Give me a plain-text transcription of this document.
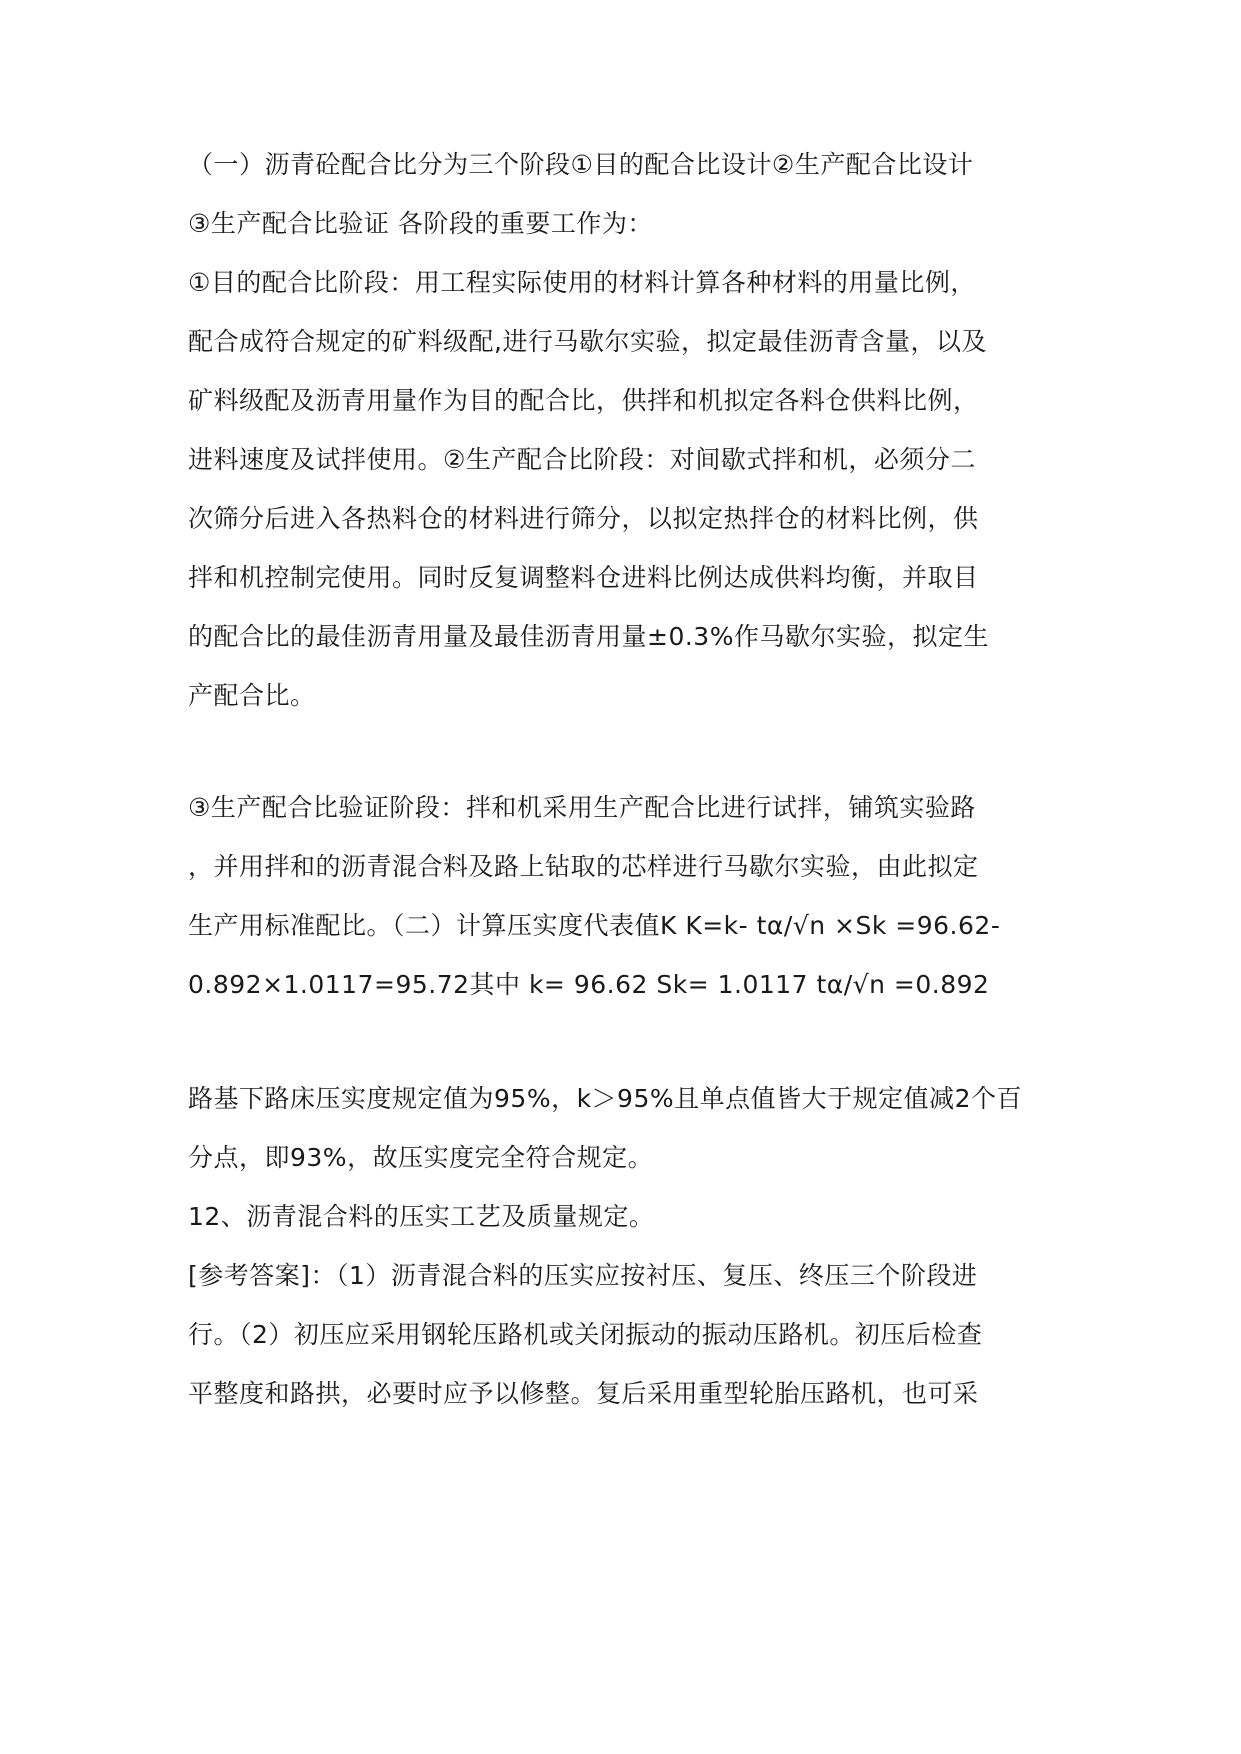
（一）沥青砼配合比分为三个阶段①目的配合比设计②生产配合比设计
③生产配合比验证 各阶段的重要工作为：
①目的配合比阶段：用工程实际使用的材料计算各种材料的用量比例，
配合成符合规定的矿料级配,进行马歇尔实验，拟定最佳沥青含量，以及
矿料级配及沥青用量作为目的配合比，供拌和机拟定各料仓供料比例，
进料速度及试拌使用。②生产配合比阶段：对间歇式拌和机，必须分二
次筛分后进入各热料仓的材料进行筛分，以拟定热拌仓的材料比例，供
拌和机控制完使用。同时反复调整料仓进料比例达成供料均衡，并取目
的配合比的最佳沥青用量及最佳沥青用量±0.3%作马歇尔实验，拟定生
产配合比。
③生产配合比验证阶段：拌和机采用生产配合比进行试拌，铺筑实验路
，并用拌和的沥青混合料及路上钻取的芯样进行马歇尔实验，由此拟定
生产用标准配比。（二）计算压实度代表值K K=k- tα/√n ×Sk =96.62-
0.892×1.0117=95.72其中 k= 96.62 Sk= 1.0117 tα/√n =0.892
路基下路床压实度规定值为95%，k＞95%且单点值皆大于规定值减2个百
分点，即93%，故压实度完全符合规定。
12、沥青混合料的压实工艺及质量规定。
[参考答案]：（1）沥青混合料的压实应按衬压、复压、终压三个阶段进
行。（2）初压应采用钢轮压路机或关闭振动的振动压路机。初压后检查
平整度和路拱，必要时应予以修整。复后采用重型轮胎压路机，也可采
